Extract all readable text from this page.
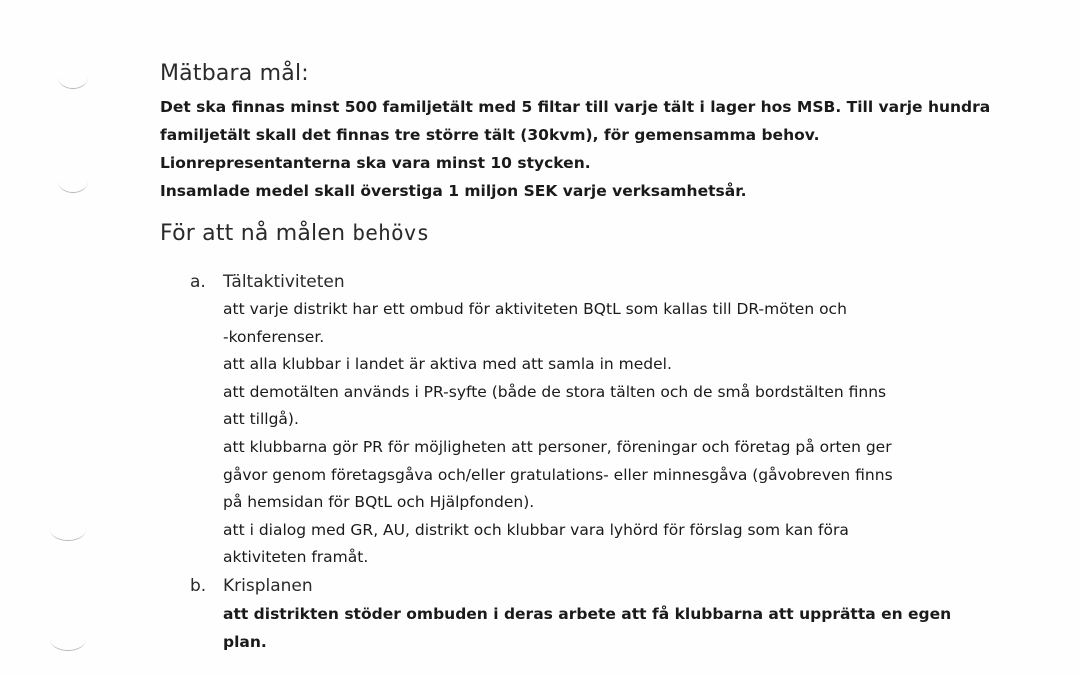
Mätbara mål:
Det ska finnas minst 500 familjetält med 5 filtar till varje tält i lager hos MSB. Till varje hundra
familjetält skall det finnas tre större tält (30kvm), för gemensamma behov.
Lionrepresentanterna ska vara minst 10 stycken.
Insamlade medel skall överstiga 1 miljon SEK varje verksamhetsår.
För att nå målen behövs
a. Tältaktiviteten
att varje distrikt har ett ombud för aktiviteten BQtL som kallas till DR-möten och
-konferenser.
att alla klubbar i landet är aktiva med att samla in medel.
att demotälten används i PR-syfte (både de stora tälten och de små bordstälten finns
att tillgå).
att klubbarna gör PR för möjligheten att personer, föreningar och företag på orten ger
gåvor genom företagsgåva och/eller gratulations- eller minnesgåva (gåvobreven finns
på hemsidan för BQtL och Hjälpfonden).
att i dialog med GR, AU, distrikt och klubbar vara lyhörd för förslag som kan föra
aktiviteten framåt.
b. Krisplanen
att distrikten stöder ombuden i deras arbete att få klubbarna att upprätta en egen
plan.
